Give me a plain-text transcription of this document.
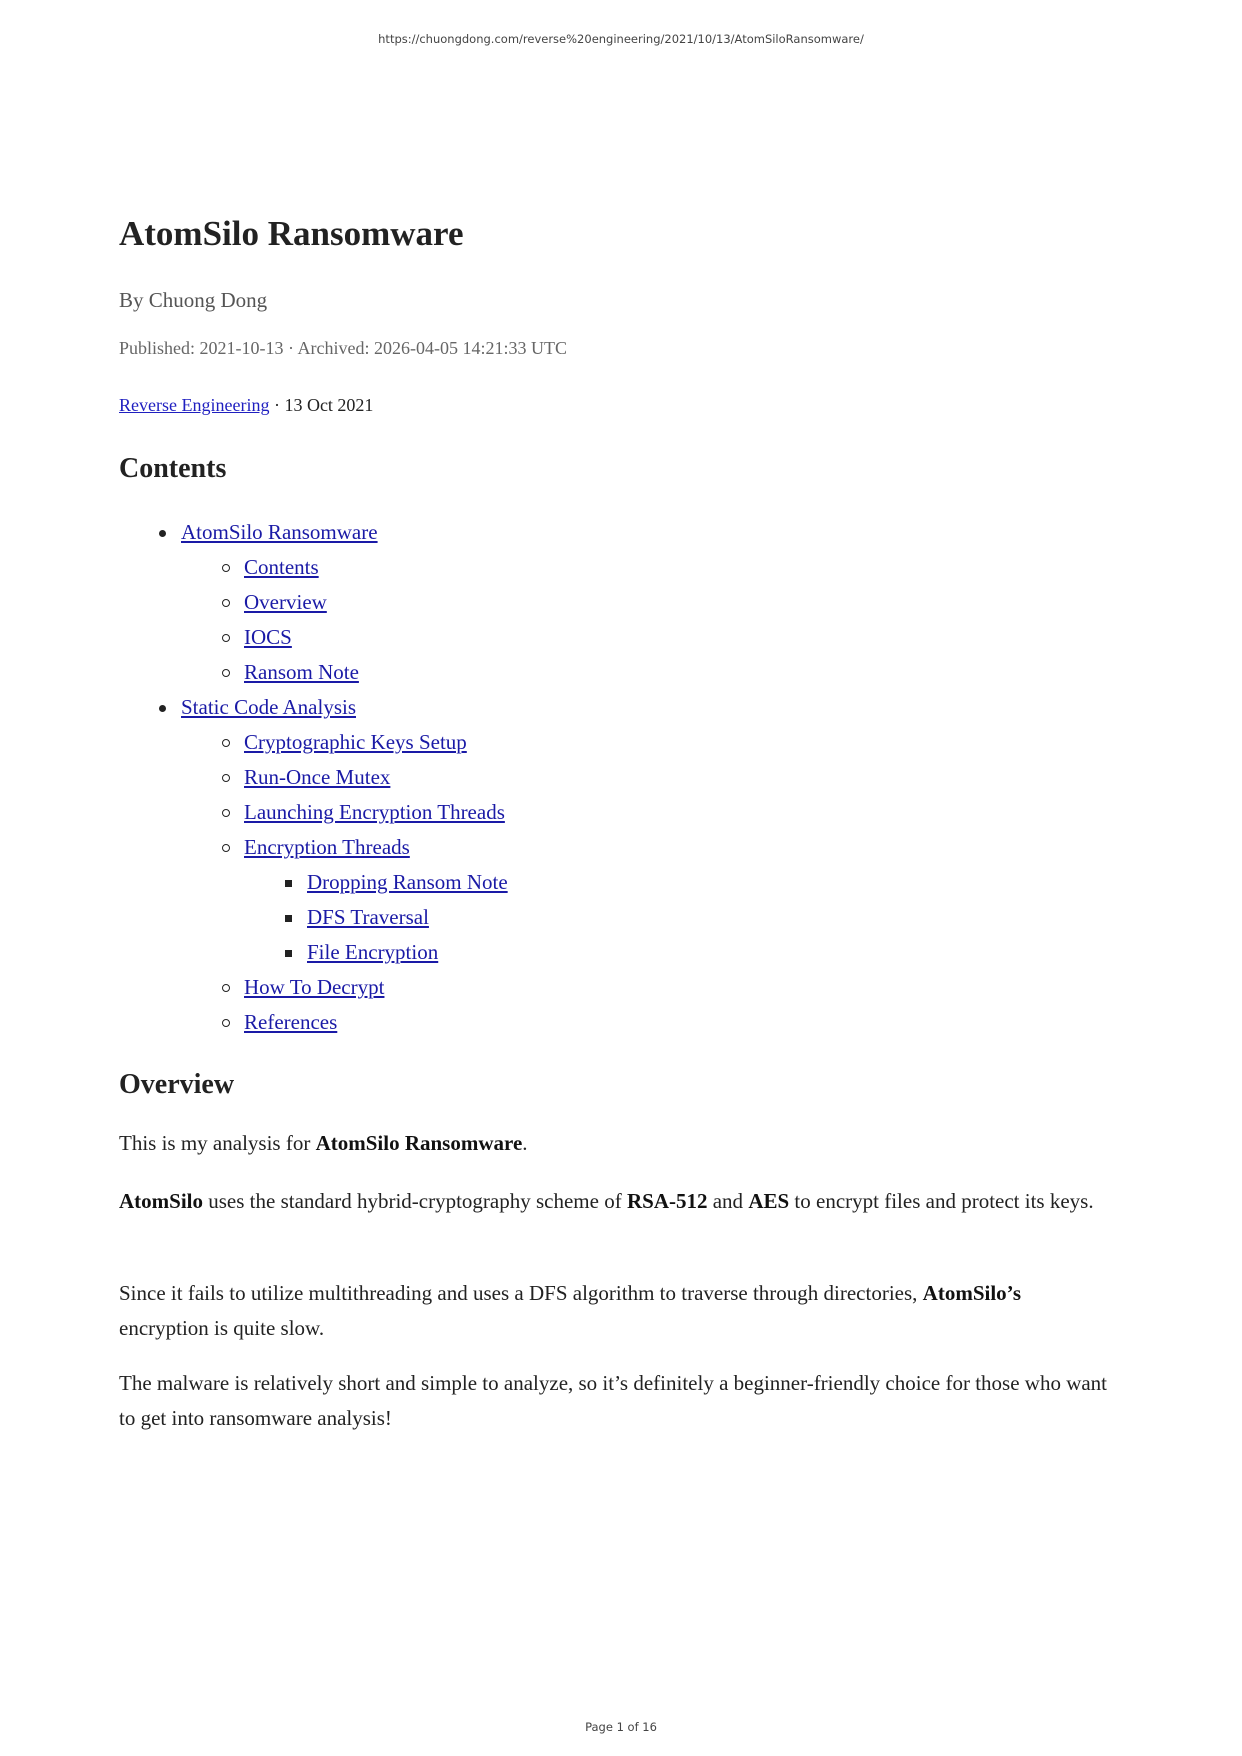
https://chuongdong.com/reverse%20engineering/2021/10/13/AtomSiloRansomware/
AtomSilo Ransomware
By Chuong Dong
Published: 2021-10-13 · Archived: 2026-04-05 14:21:33 UTC
Reverse Engineering · 13 Oct 2021
Contents
AtomSilo Ransomware
Contents
Overview
IOCS
Ransom Note
Static Code Analysis
Cryptographic Keys Setup
Run-Once Mutex
Launching Encryption Threads
Encryption Threads
Dropping Ransom Note
DFS Traversal
File Encryption
How To Decrypt
References
Overview

This is my analysis for AtomSilo Ransomware.

AtomSilo uses the standard hybrid-cryptography scheme of RSA-512 and AES to encrypt files and protect its keys.

Since it fails to utilize multithreading and uses a DFS algorithm to traverse through directories, AtomSilo’s encryption is quite slow.

The malware is relatively short and simple to analyze, so it’s definitely a beginner-friendly choice for those who want to get into ransomware analysis!

Page 1 of 16
